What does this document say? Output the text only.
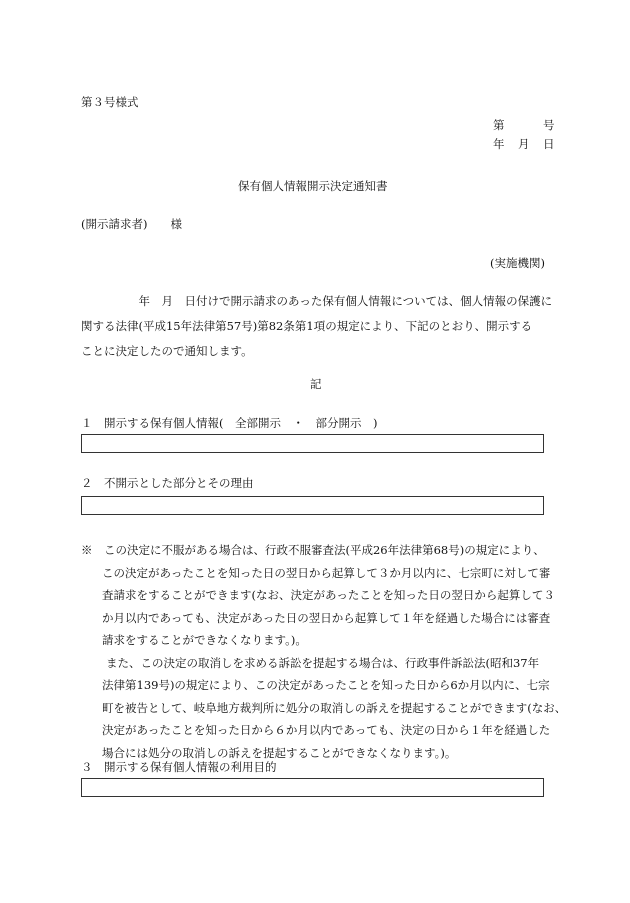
第３号様式
第　　　号
年　月　日
保有個人情報開示決定通知書
(開示請求者)　　様
(実施機関)
　　　　　年　月　日付けで開示請求のあった保有個人情報については、個人情報の保護に
関する法律(平成15年法律第57号)第82条第1項の規定により、下記のとおり、開示する
ことに決定したので通知します。
記
１　開示する保有個人情報(　全部開示　・　部分開示　)
２　不開示とした部分とその理由
※　この決定に不服がある場合は、行政不服審査法(平成26年法律第68号)の規定により、
この決定があったことを知った日の翌日から起算して３か月以内に、七宗町に対して審
査請求をすることができます(なお、決定があったことを知った日の翌日から起算して３
か月以内であっても、決定があった日の翌日から起算して１年を経過した場合には審査
請求をすることができなくなります。)。
また、この決定の取消しを求める訴訟を提起する場合は、行政事件訴訟法(昭和37年
法律第139号)の規定により、この決定があったことを知った日から6か月以内に、七宗
町を被告として、岐阜地方裁判所に処分の取消しの訴えを提起することができます(なお、
決定があったことを知った日から６か月以内であっても、決定の日から１年を経過した
場合には処分の取消しの訴えを提起することができなくなります。)。
３　開示する保有個人情報の利用目的
